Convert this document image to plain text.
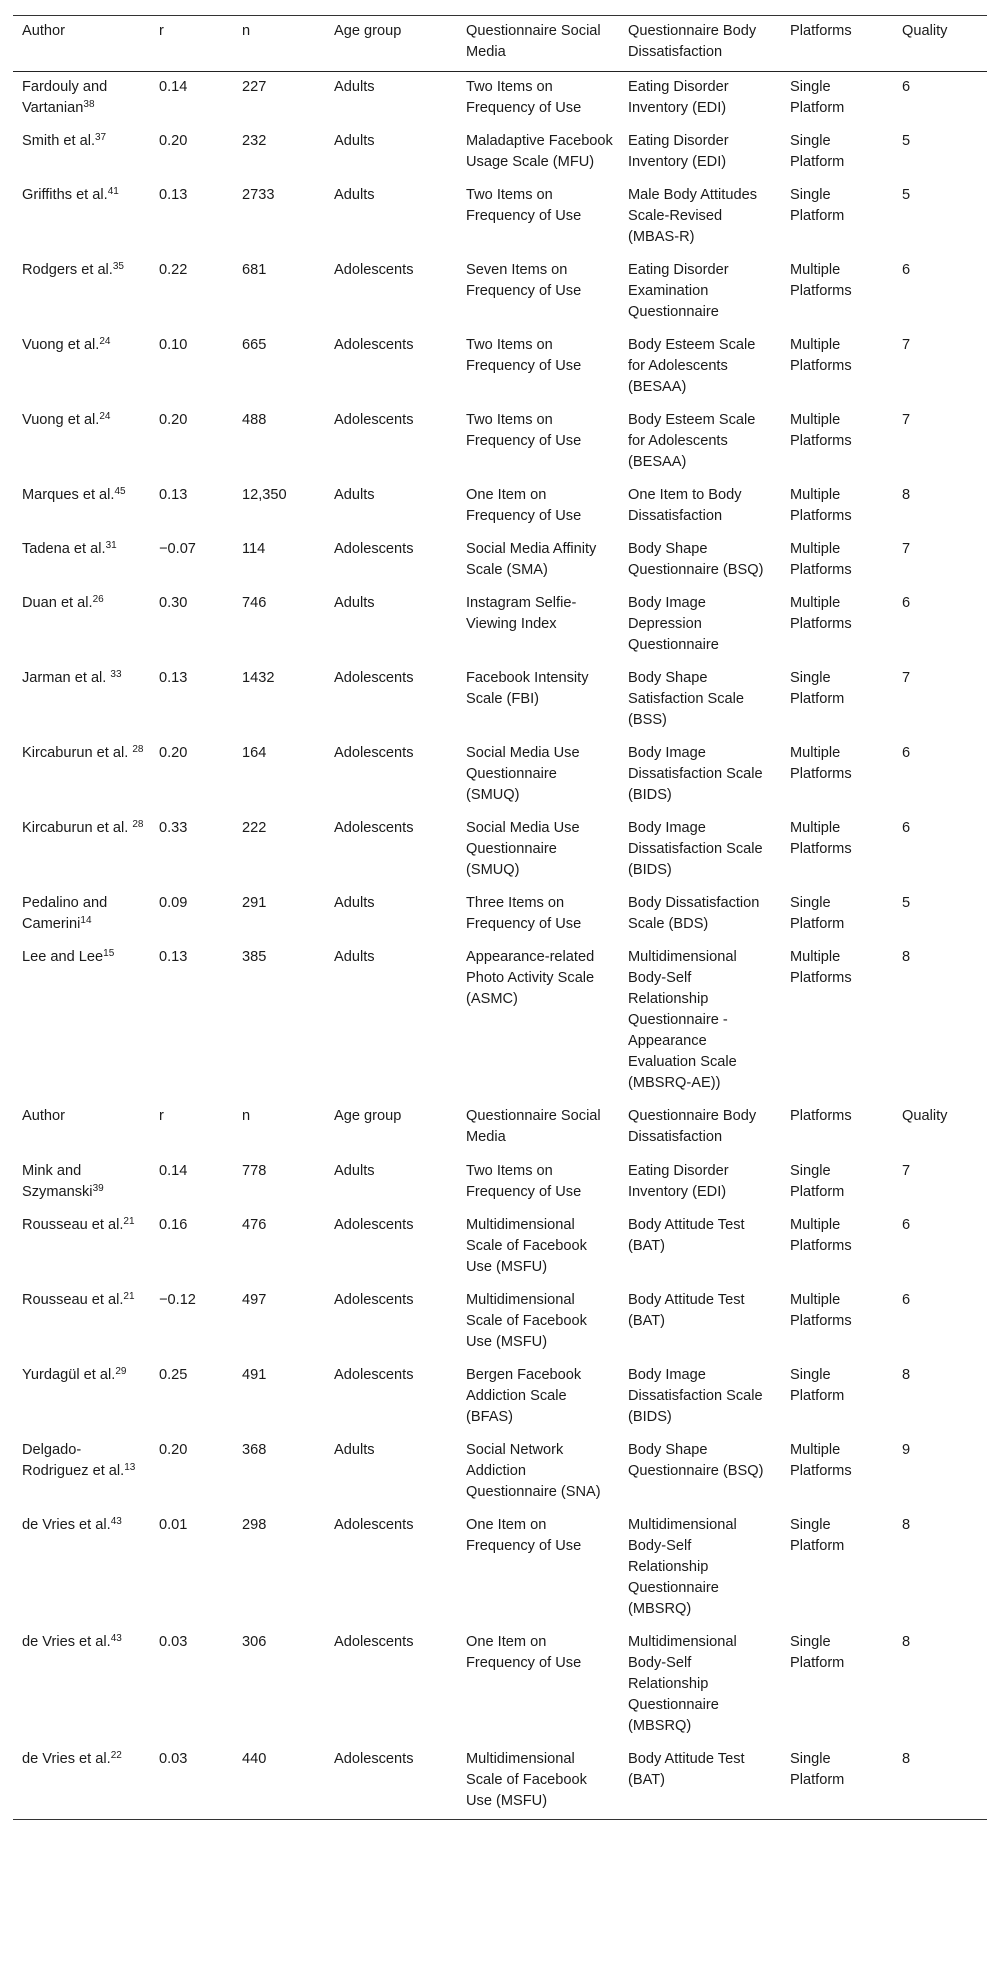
Author	r	n	Age group	Questionnaire Social Media	Questionnaire Body Dissatisfaction	Platforms	Quality
Fardouly and Vartanian$^{38}$	0.14	227	Adults	Two Items on Frequency of Use	Eating Disorder Inventory (EDI)	Single Platform	6
Smith et al.$^{37}$	0.20	232	Adults	Maladaptive Facebook Usage Scale (MFU)	Eating Disorder Inventory (EDI)	Single Platform	5
Griffiths et al.$^{41}$	0.13	2733	Adults	Two Items on Frequency of Use	Male Body Attitudes Scale-Revised (MBAS-R)	Single Platform	5
Rodgers et al.$^{35}$	0.22	681	Adolescents	Seven Items on Frequency of Use	Eating Disorder Examination Questionnaire	Multiple Platforms	6
Vuong et al.$^{24}$	0.10	665	Adolescents	Two Items on Frequency of Use	Body Esteem Scale for Adolescents (BESAA)	Multiple Platforms	7
Vuong et al.$^{24}$	0.20	488	Adolescents	Two Items on Frequency of Use	Body Esteem Scale for Adolescents (BESAA)	Multiple Platforms	7
Marques et al.$^{45}$	0.13	12,350	Adults	One Item on Frequency of Use	One Item to Body Dissatisfaction	Multiple Platforms	8
Tadena et al.$^{31}$	−0.07	114	Adolescents	Social Media Affinity Scale (SMA)	Body Shape Questionnaire (BSQ)	Multiple Platforms	7
Duan et al.$^{26}$	0.30	746	Adults	Instagram Selfie-Viewing Index	Body Image Depression Questionnaire	Multiple Platforms	6
Jarman et al. $^{33}$	0.13	1432	Adolescents	Facebook Intensity Scale (FBI)	Body Shape Satisfaction Scale (BSS)	Single Platform	7
Kircaburun et al. $^{28}$	0.20	164	Adolescents	Social Media Use Questionnaire (SMUQ)	Body Image Dissatisfaction Scale (BIDS)	Multiple Platforms	6
Kircaburun et al. $^{28}$	0.33	222	Adolescents	Social Media Use Questionnaire (SMUQ)	Body Image Dissatisfaction Scale (BIDS)	Multiple Platforms	6
Pedalino and Camerini$^{14}$	0.09	291	Adults	Three Items on Frequency of Use	Body Dissatisfaction Scale (BDS)	Single Platform	5
Lee and Lee$^{15}$	0.13	385	Adults	Appearance-related Photo Activity Scale (ASMC)	Multidimensional Body-Self Relationship Questionnaire - Appearance Evaluation Scale (MBSRQ-AE))	Multiple Platforms	8
Author	r	n	Age group	Questionnaire Social Media	Questionnaire Body Dissatisfaction	Platforms	Quality
Mink and Szymanski$^{39}$	0.14	778	Adults	Two Items on Frequency of Use	Eating Disorder Inventory (EDI)	Single Platform	7
Rousseau et al.$^{21}$	0.16	476	Adolescents	Multidimensional Scale of Facebook Use (MSFU)	Body Attitude Test (BAT)	Multiple Platforms	6
Rousseau et al.$^{21}$	−0.12	497	Adolescents	Multidimensional Scale of Facebook Use (MSFU)	Body Attitude Test (BAT)	Multiple Platforms	6
Yurdagül et al.$^{29}$	0.25	491	Adolescents	Bergen Facebook Addiction Scale (BFAS)	Body Image Dissatisfaction Scale (BIDS)	Single Platform	8
Delgado-Rodriguez et al.$^{13}$	0.20	368	Adults	Social Network Addiction Questionnaire (SNA)	Body Shape Questionnaire (BSQ)	Multiple Platforms	9
de Vries et al.$^{43}$	0.01	298	Adolescents	One Item on Frequency of Use	Multidimensional Body-Self Relationship Questionnaire (MBSRQ)	Single Platform	8
de Vries et al.$^{43}$	0.03	306	Adolescents	One Item on Frequency of Use	Multidimensional Body-Self Relationship Questionnaire (MBSRQ)	Single Platform	8
de Vries et al.$^{22}$	0.03	440	Adolescents	Multidimensional Scale of Facebook Use (MSFU)	Body Attitude Test (BAT)	Single Platform	8
